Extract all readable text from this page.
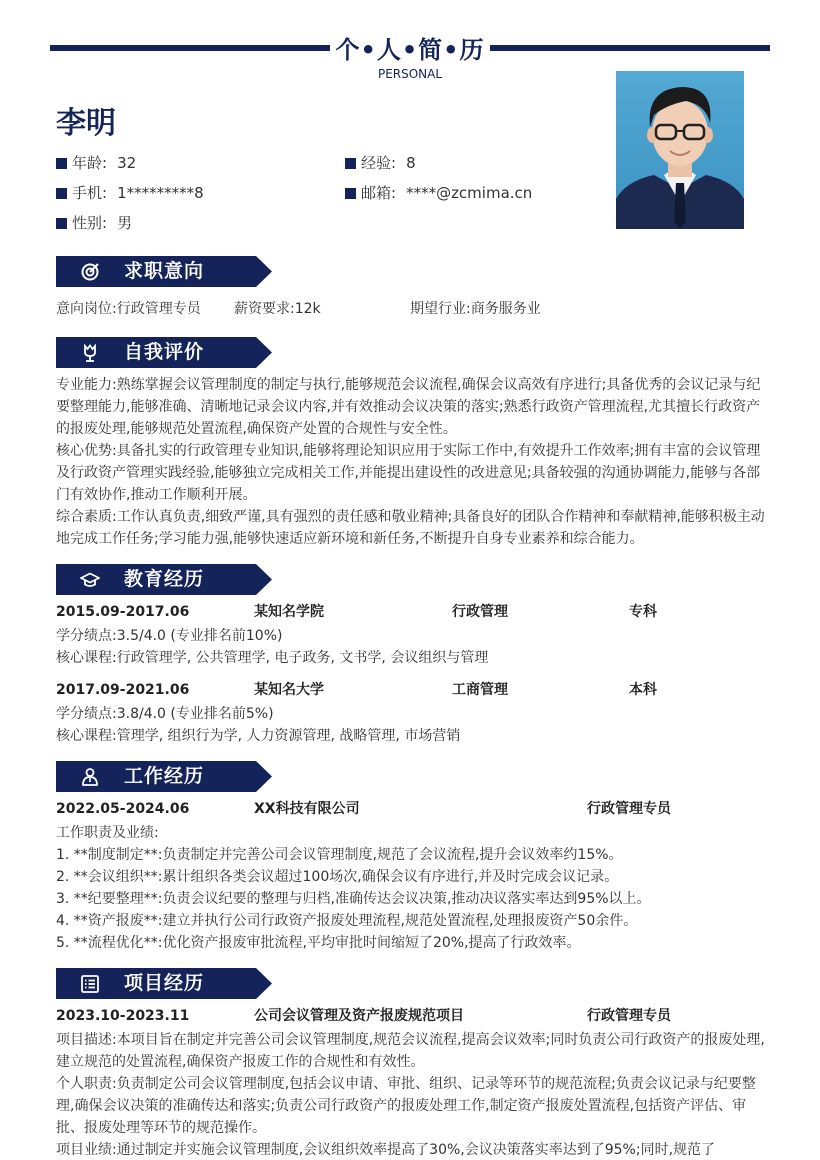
个•人•简•历
PERSONAL
李明
年龄: 32	经验: 8
手机: 1*********8	邮箱: ****@zcmima.cn
性别: 男
求职意向
意向岗位:行政管理专员 薪资要求:12k	期望行业:商务服务业
自我评价
专业能力:熟练掌握会议管理制度的制定与执行,能够规范会议流程,确保会议高效有序进行;具备优秀的会议记录与纪要整理能力,能够准确、清晰地记录会议内容,并有效推动会议决策的落实;熟悉行政资产管理流程,尤其擅长行政资产的报废处理,能够规范处置流程,确保资产处置的合规性与安全性。
核心优势:具备扎实的行政管理专业知识,能够将理论知识应用于实际工作中,有效提升工作效率;拥有丰富的会议管理及行政资产管理实践经验,能够独立完成相关工作,并能提出建设性的改进意见;具备较强的沟通协调能力,能够与各部门有效协作,推动工作顺利开展。
综合素质:工作认真负责,细致严谨,具有强烈的责任感和敬业精神;具备良好的团队合作精神和奉献精神,能够积极主动地完成工作任务;学习能力强,能够快速适应新环境和新任务,不断提升自身专业素养和综合能力。
教育经历
2015.09-2017.06	某知名学院	行政管理	专科
学分绩点:3.5/4.0 (专业排名前10%)
核心课程:行政管理学, 公共管理学, 电子政务, 文书学, 会议组织与管理
2017.09-2021.06	某知名大学	工商管理	本科
学分绩点:3.8/4.0 (专业排名前5%)
核心课程:管理学, 组织行为学, 人力资源管理, 战略管理, 市场营销
工作经历
2022.05-2024.06	XX科技有限公司	行政管理专员
工作职责及业绩:
1. **制度制定**:负责制定并完善公司会议管理制度,规范了会议流程,提升会议效率约15%。
2. **会议组织**:累计组织各类会议超过100场次,确保会议有序进行,并及时完成会议记录。
3. **纪要整理**:负责会议纪要的整理与归档,准确传达会议决策,推动决议落实率达到95%以上。
4. **资产报废**:建立并执行公司行政资产报废处理流程,规范处置流程,处理报废资产50余件。
5. **流程优化**:优化资产报废审批流程,平均审批时间缩短了20%,提高了行政效率。
项目经历
2023.10-2023.11	公司会议管理及资产报废规范项目	行政管理专员
项目描述:本项目旨在制定并完善公司会议管理制度,规范会议流程,提高会议效率;同时负责公司行政资产的报废处理,建立规范的处置流程,确保资产报废工作的合规性和有效性。
个人职责:负责制定公司会议管理制度,包括会议申请、审批、组织、记录等环节的规范流程;负责会议记录与纪要整理,确保会议决策的准确传达和落实;负责公司行政资产的报废处理工作,制定资产报废处置流程,包括资产评估、审批、报废处理等环节的规范操作。
项目业绩:通过制定并实施会议管理制度,会议组织效率提高了30%,会议决策落实率达到了95%;同时,规范了
